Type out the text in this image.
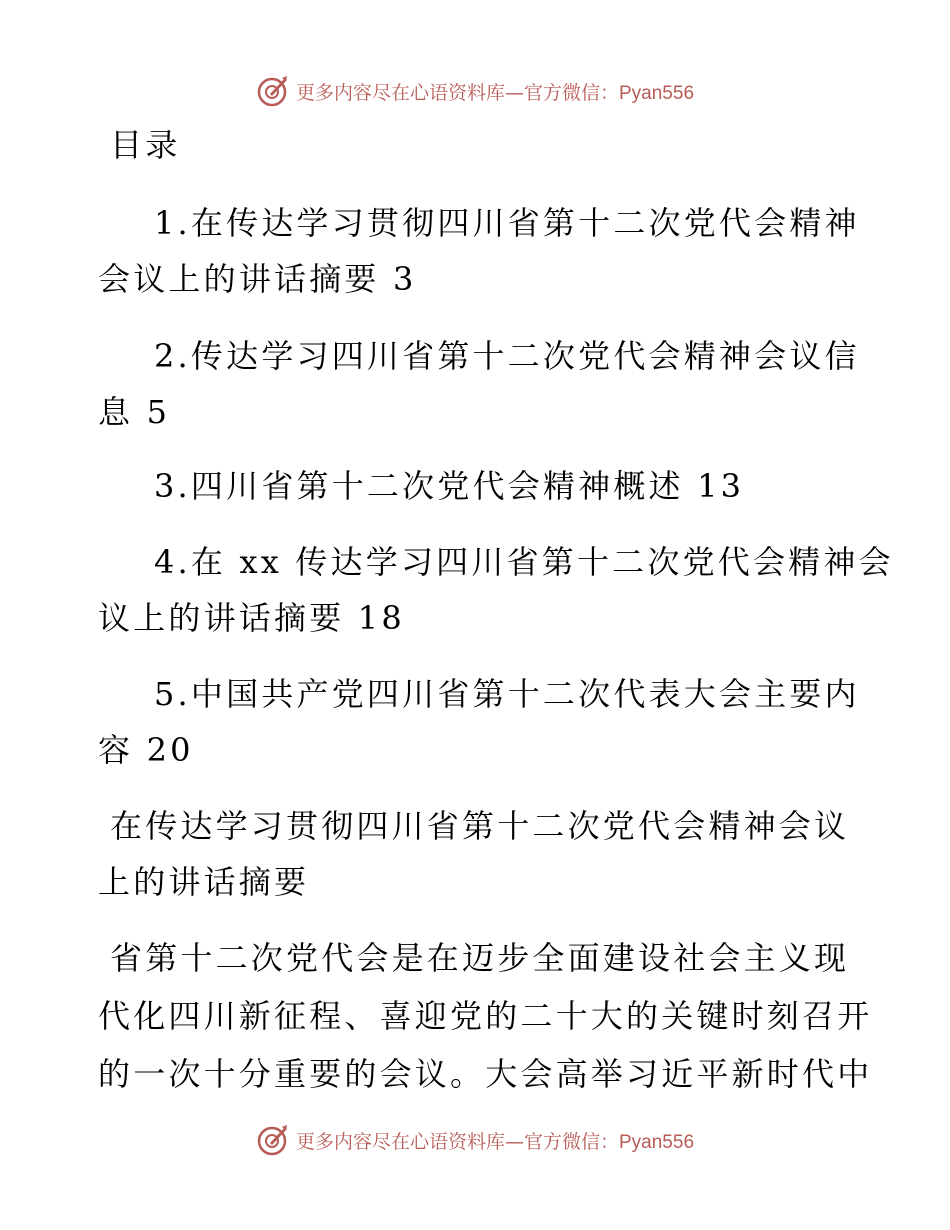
更多内容尽在心语资料库—官方微信：Pyan556
目录
1.在传达学习贯彻四川省第十二次党代会精神
会议上的讲话摘要 3
2.传达学习四川省第十二次党代会精神会议信
息 5
3.四川省第十二次党代会精神概述 13
4.在 xx 传达学习四川省第十二次党代会精神会
议上的讲话摘要 18
5.中国共产党四川省第十二次代表大会主要内
容 20
在传达学习贯彻四川省第十二次党代会精神会议
上的讲话摘要
省第十二次党代会是在迈步全面建设社会主义现
代化四川新征程、喜迎党的二十大的关键时刻召开
的一次十分重要的会议。大会高举习近平新时代中
更多内容尽在心语资料库—官方微信：Pyan556
